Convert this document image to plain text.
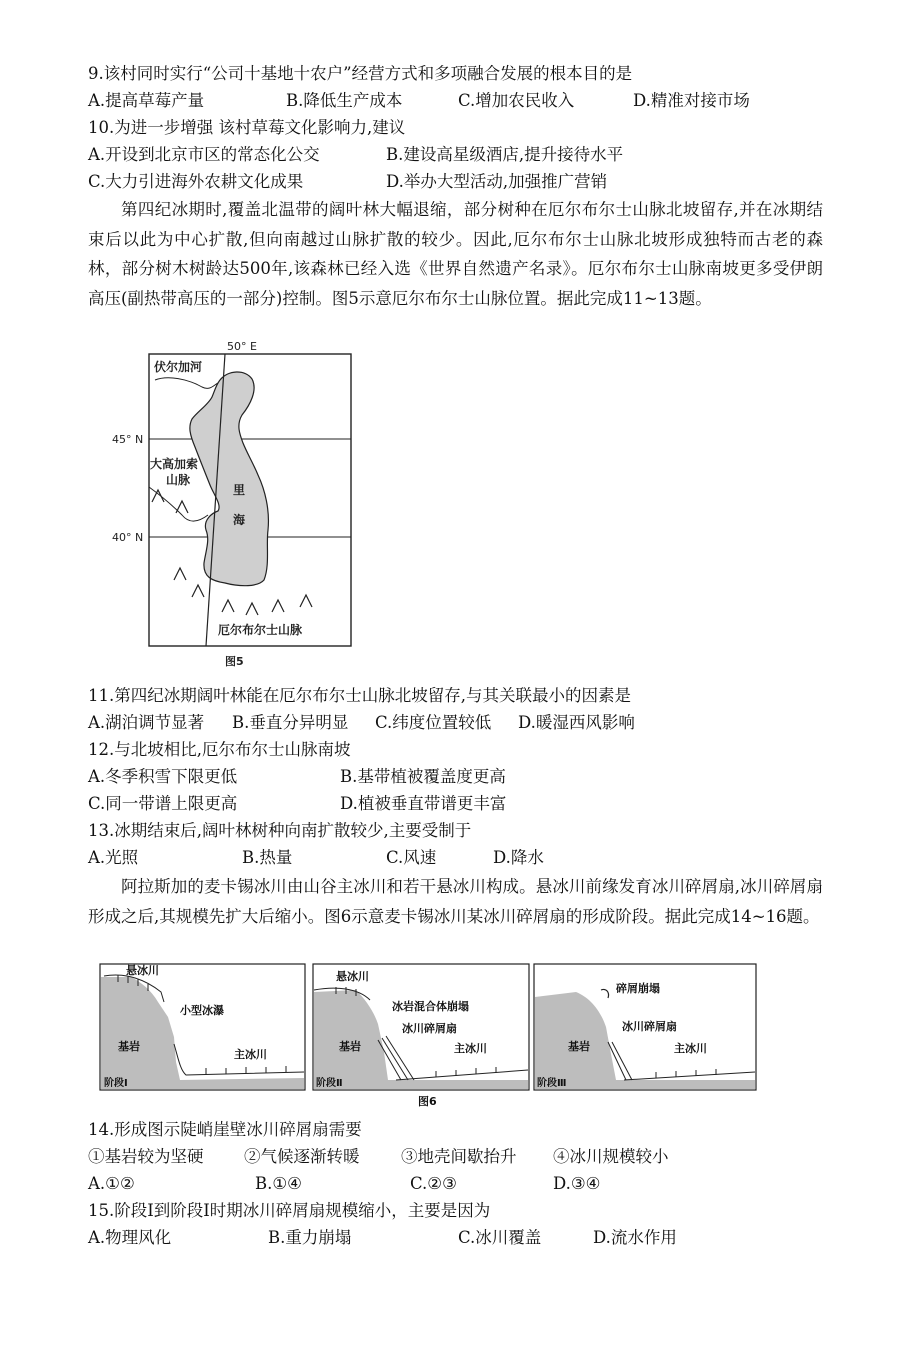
9.该村同时实行“公司十基地十农户”经营方式和多项融合发展的根本目的是
A.提高草莓产量	B.降低生产成本	C.增加农民收入	D.精准对接市场
10.为进一步增强 该村草莓文化影响力,建议
A.开设到北京市区的常态化公交	B.建设高星级酒店,提升接待水平
C.大力引进海外农耕文化成果	D.举办大型活动,加强推广营销
第四纪冰期时,覆盖北温带的阔叶林大幅退缩，部分树种在厄尔布尔士山脉北坡留存,并在冰期结束后以此为中心扩散,但向南越过山脉扩散的较少。因此,厄尔布尔士山脉北坡形成独特而古老的森林，部分树木树龄达500年,该森林已经入选《世界自然遗产名录》。厄尔布尔士山脉南坡更多受伊朗高压(副热带高压的一部分)控制。图5示意厄尔布尔士山脉位置。据此完成11~13题。
50° E
45° N
40° N
伏尔加河
大高加索
山脉
里
海
厄尔布尔士山脉
图5
11.第四纪冰期阔叶林能在厄尔布尔士山脉北坡留存,与其关联最小的因素是
A.湖泊调节显著 B.垂直分异明显 C.纬度位置较低 D.暖湿西风影响
12.与北坡相比,厄尔布尔士山脉南坡
A.冬季积雪下限更低	B.基带植被覆盖度更高
C.同一带谱上限更高	D.植被垂直带谱更丰富
13.冰期结束后,阔叶林树种向南扩散较少,主要受制于
A.光照	B.热量	C.风速	D.降水
阿拉斯加的麦卡锡冰川由山谷主冰川和若干悬冰川构成。悬冰川前缘发育冰川碎屑扇,冰川碎屑扇形成之后,其规模先扩大后缩小。图6示意麦卡锡冰川某冰川碎屑扇的形成阶段。据此完成14~16题。
悬冰川
小型冰瀑
基岩
主冰川
阶段Ⅰ
悬冰川
冰岩混合体崩塌
冰川碎屑扇
基岩	主冰川
阶段Ⅱ
碎屑崩塌
冰川碎屑扇
基岩	主冰川
阶段Ⅲ
图6
14.形成图示陡峭崖壁冰川碎屑扇需要
①基岩较为坚硬 ②气候逐渐转暖	③地壳间歇抬升 ④冰川规模较小
A.①②	B.①④	C.②③	D.③④
15.阶段Ⅰ到阶段Ⅰ时期冰川碎屑扇规模缩小，主要是因为
A.物理风化	B.重力崩塌	C.冰川覆盖	D.流水作用
